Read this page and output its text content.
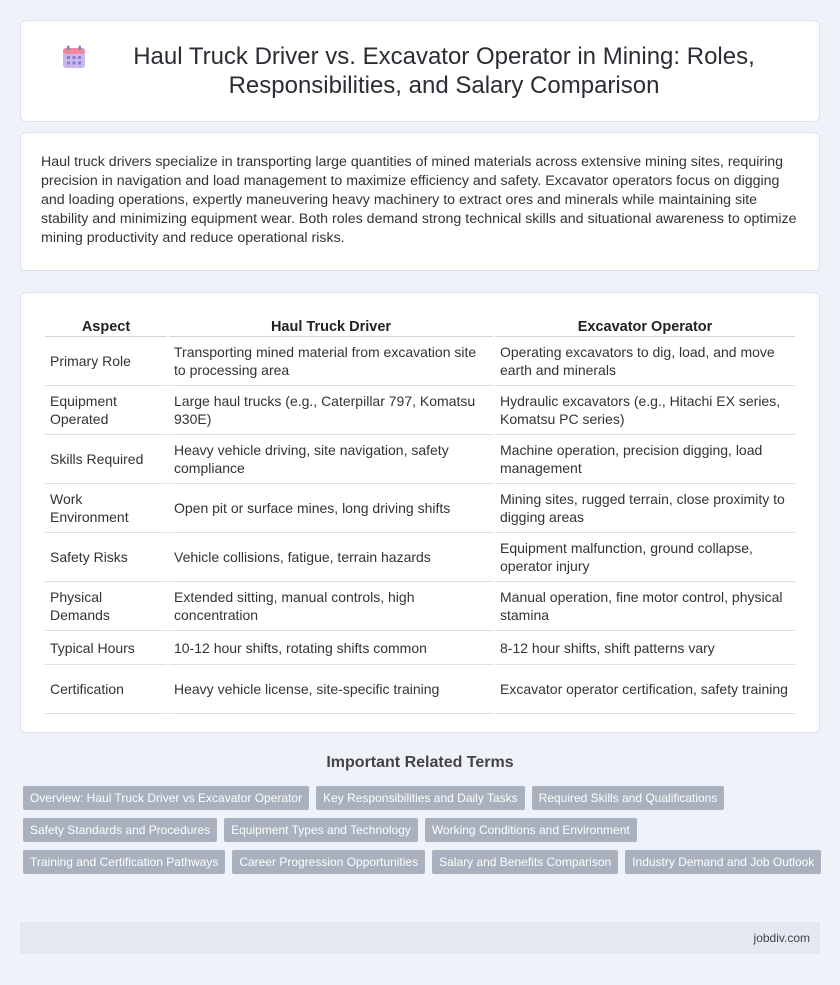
Haul Truck Driver vs. Excavator Operator in Mining: Roles, Responsibilities, and Salary Comparison

Haul truck drivers specialize in transporting large quantities of mined materials across extensive mining sites, requiring precision in navigation and load management to maximize efficiency and safety. Excavator operators focus on digging and loading operations, expertly maneuvering heavy machinery to extract ores and minerals while maintaining site stability and minimizing equipment wear. Both roles demand strong technical skills and situational awareness to optimize mining productivity and reduce operational risks.

Aspect	Haul Truck Driver	Excavator Operator
Primary Role	Transporting mined material from excavation site to processing area	Operating excavators to dig, load, and move earth and minerals
Equipment Operated	Large haul trucks (e.g., Caterpillar 797, Komatsu 930E)	Hydraulic excavators (e.g., Hitachi EX series, Komatsu PC series)
Skills Required	Heavy vehicle driving, site navigation, safety compliance	Machine operation, precision digging, load management
Work Environment	Open pit or surface mines, long driving shifts	Mining sites, rugged terrain, close proximity to digging areas
Safety Risks	Vehicle collisions, fatigue, terrain hazards	Equipment malfunction, ground collapse, operator injury
Physical Demands	Extended sitting, manual controls, high concentration	Manual operation, fine motor control, physical stamina
Typical Hours	10-12 hour shifts, rotating shifts common	8-12 hour shifts, shift patterns vary
Certification	Heavy vehicle license, site-specific training	Excavator operator certification, safety training
Important Related Terms
Overview: Haul Truck Driver vs Excavator Operator	Key Responsibilities and Daily Tasks	Required Skills and Qualifications
Safety Standards and Procedures	Equipment Types and Technology	Working Conditions and Environment
Training and Certification Pathways	Career Progression Opportunities	Salary and Benefits Comparison	Industry Demand and Job Outlook
jobdiv.com
